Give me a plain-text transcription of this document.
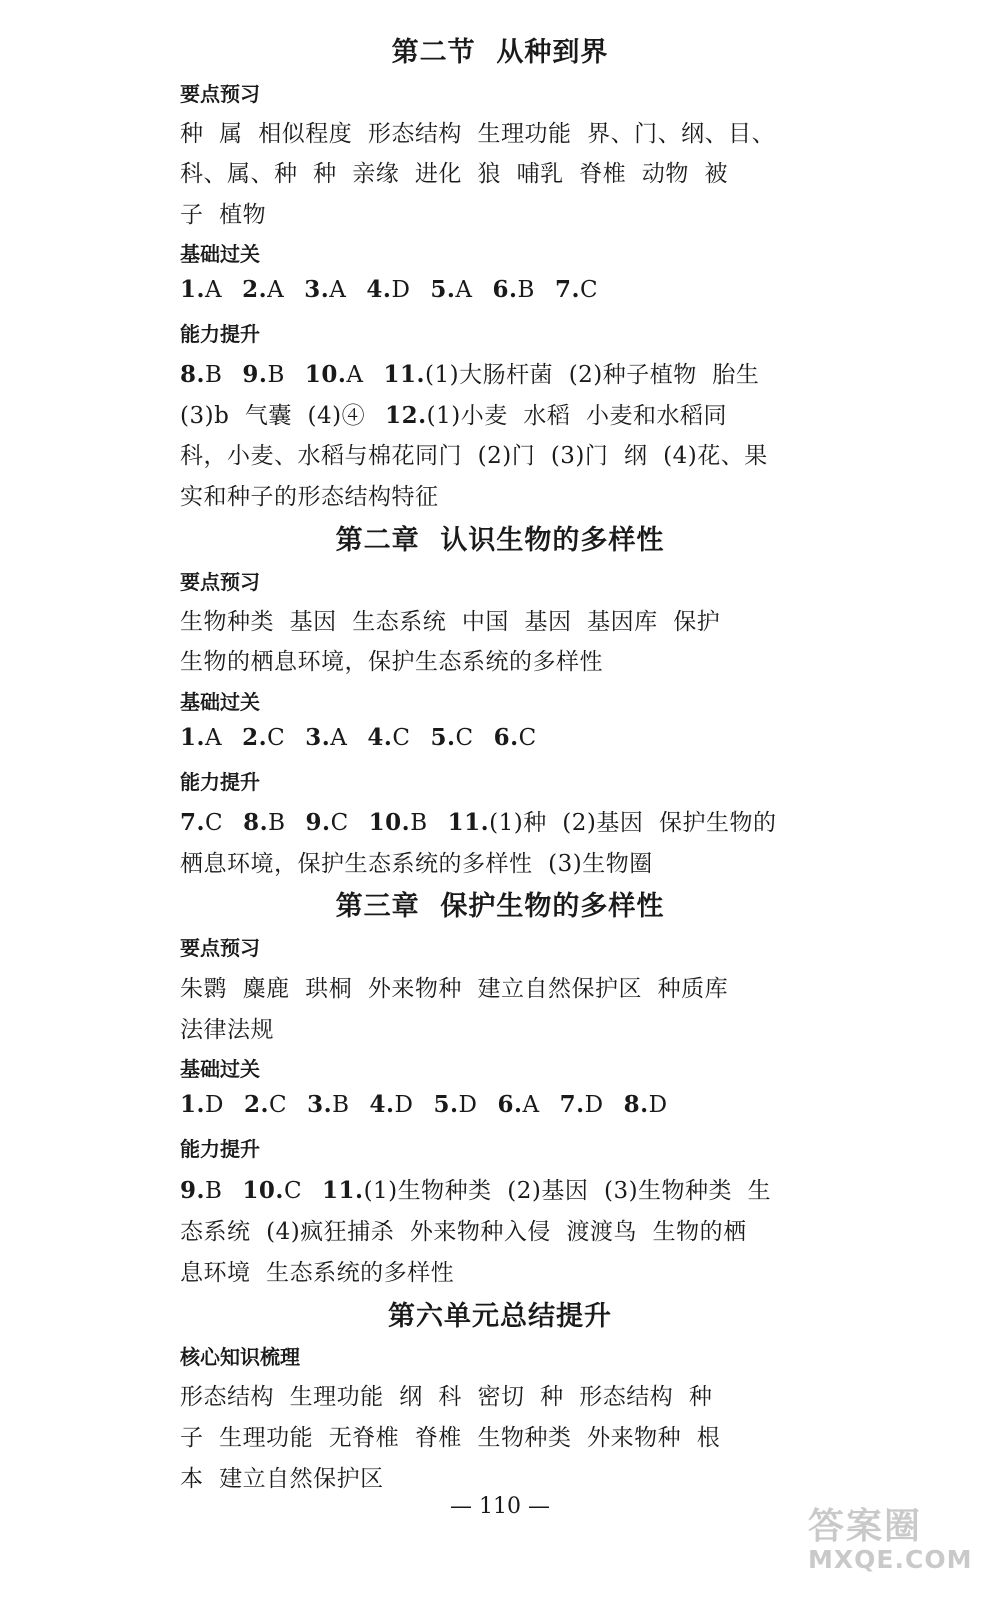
第二节  从种到界
要点预习
种  属  相似程度  形态结构  生理功能  界、门、纲、目、
科、属、种  种  亲缘  进化  狼  哺乳  脊椎  动物  被
子  植物
基础过关
1.A 2.A 3.A 4.D 5.A 6.B 7.C
能力提升
8.B 9.B 10.A 11.(1)大肠杆菌  (2)种子植物  胎生
(3)b  气囊  (4)④ 12.(1)小麦  水稻  小麦和水稻同
科，小麦、水稻与棉花同门  (2)门  (3)门  纲  (4)花、果
实和种子的形态结构特征
第二章  认识生物的多样性
要点预习
生物种类  基因  生态系统  中国  基因  基因库  保护
生物的栖息环境，保护生态系统的多样性
基础过关
1.A 2.C 3.A 4.C 5.C 6.C
能力提升
7.C 8.B 9.C 10.B 11.(1)种  (2)基因  保护生物的
栖息环境，保护生态系统的多样性  (3)生物圈
第三章  保护生物的多样性
要点预习
朱鹮  麋鹿  珙桐  外来物种  建立自然保护区  种质库
法律法规
基础过关
1.D 2.C 3.B 4.D 5.D 6.A 7.D 8.D
能力提升
9.B 10.C 11.(1)生物种类  (2)基因  (3)生物种类  生
态系统  (4)疯狂捕杀  外来物种入侵  渡渡鸟  生物的栖
息环境  生态系统的多样性
第六单元总结提升
核心知识梳理
形态结构  生理功能  纲  科  密切  种  形态结构  种
子  生理功能  无脊椎  脊椎  生物种类  外来物种  根
本  建立自然保护区
— 110 —	答案圈
MXQE.COM
